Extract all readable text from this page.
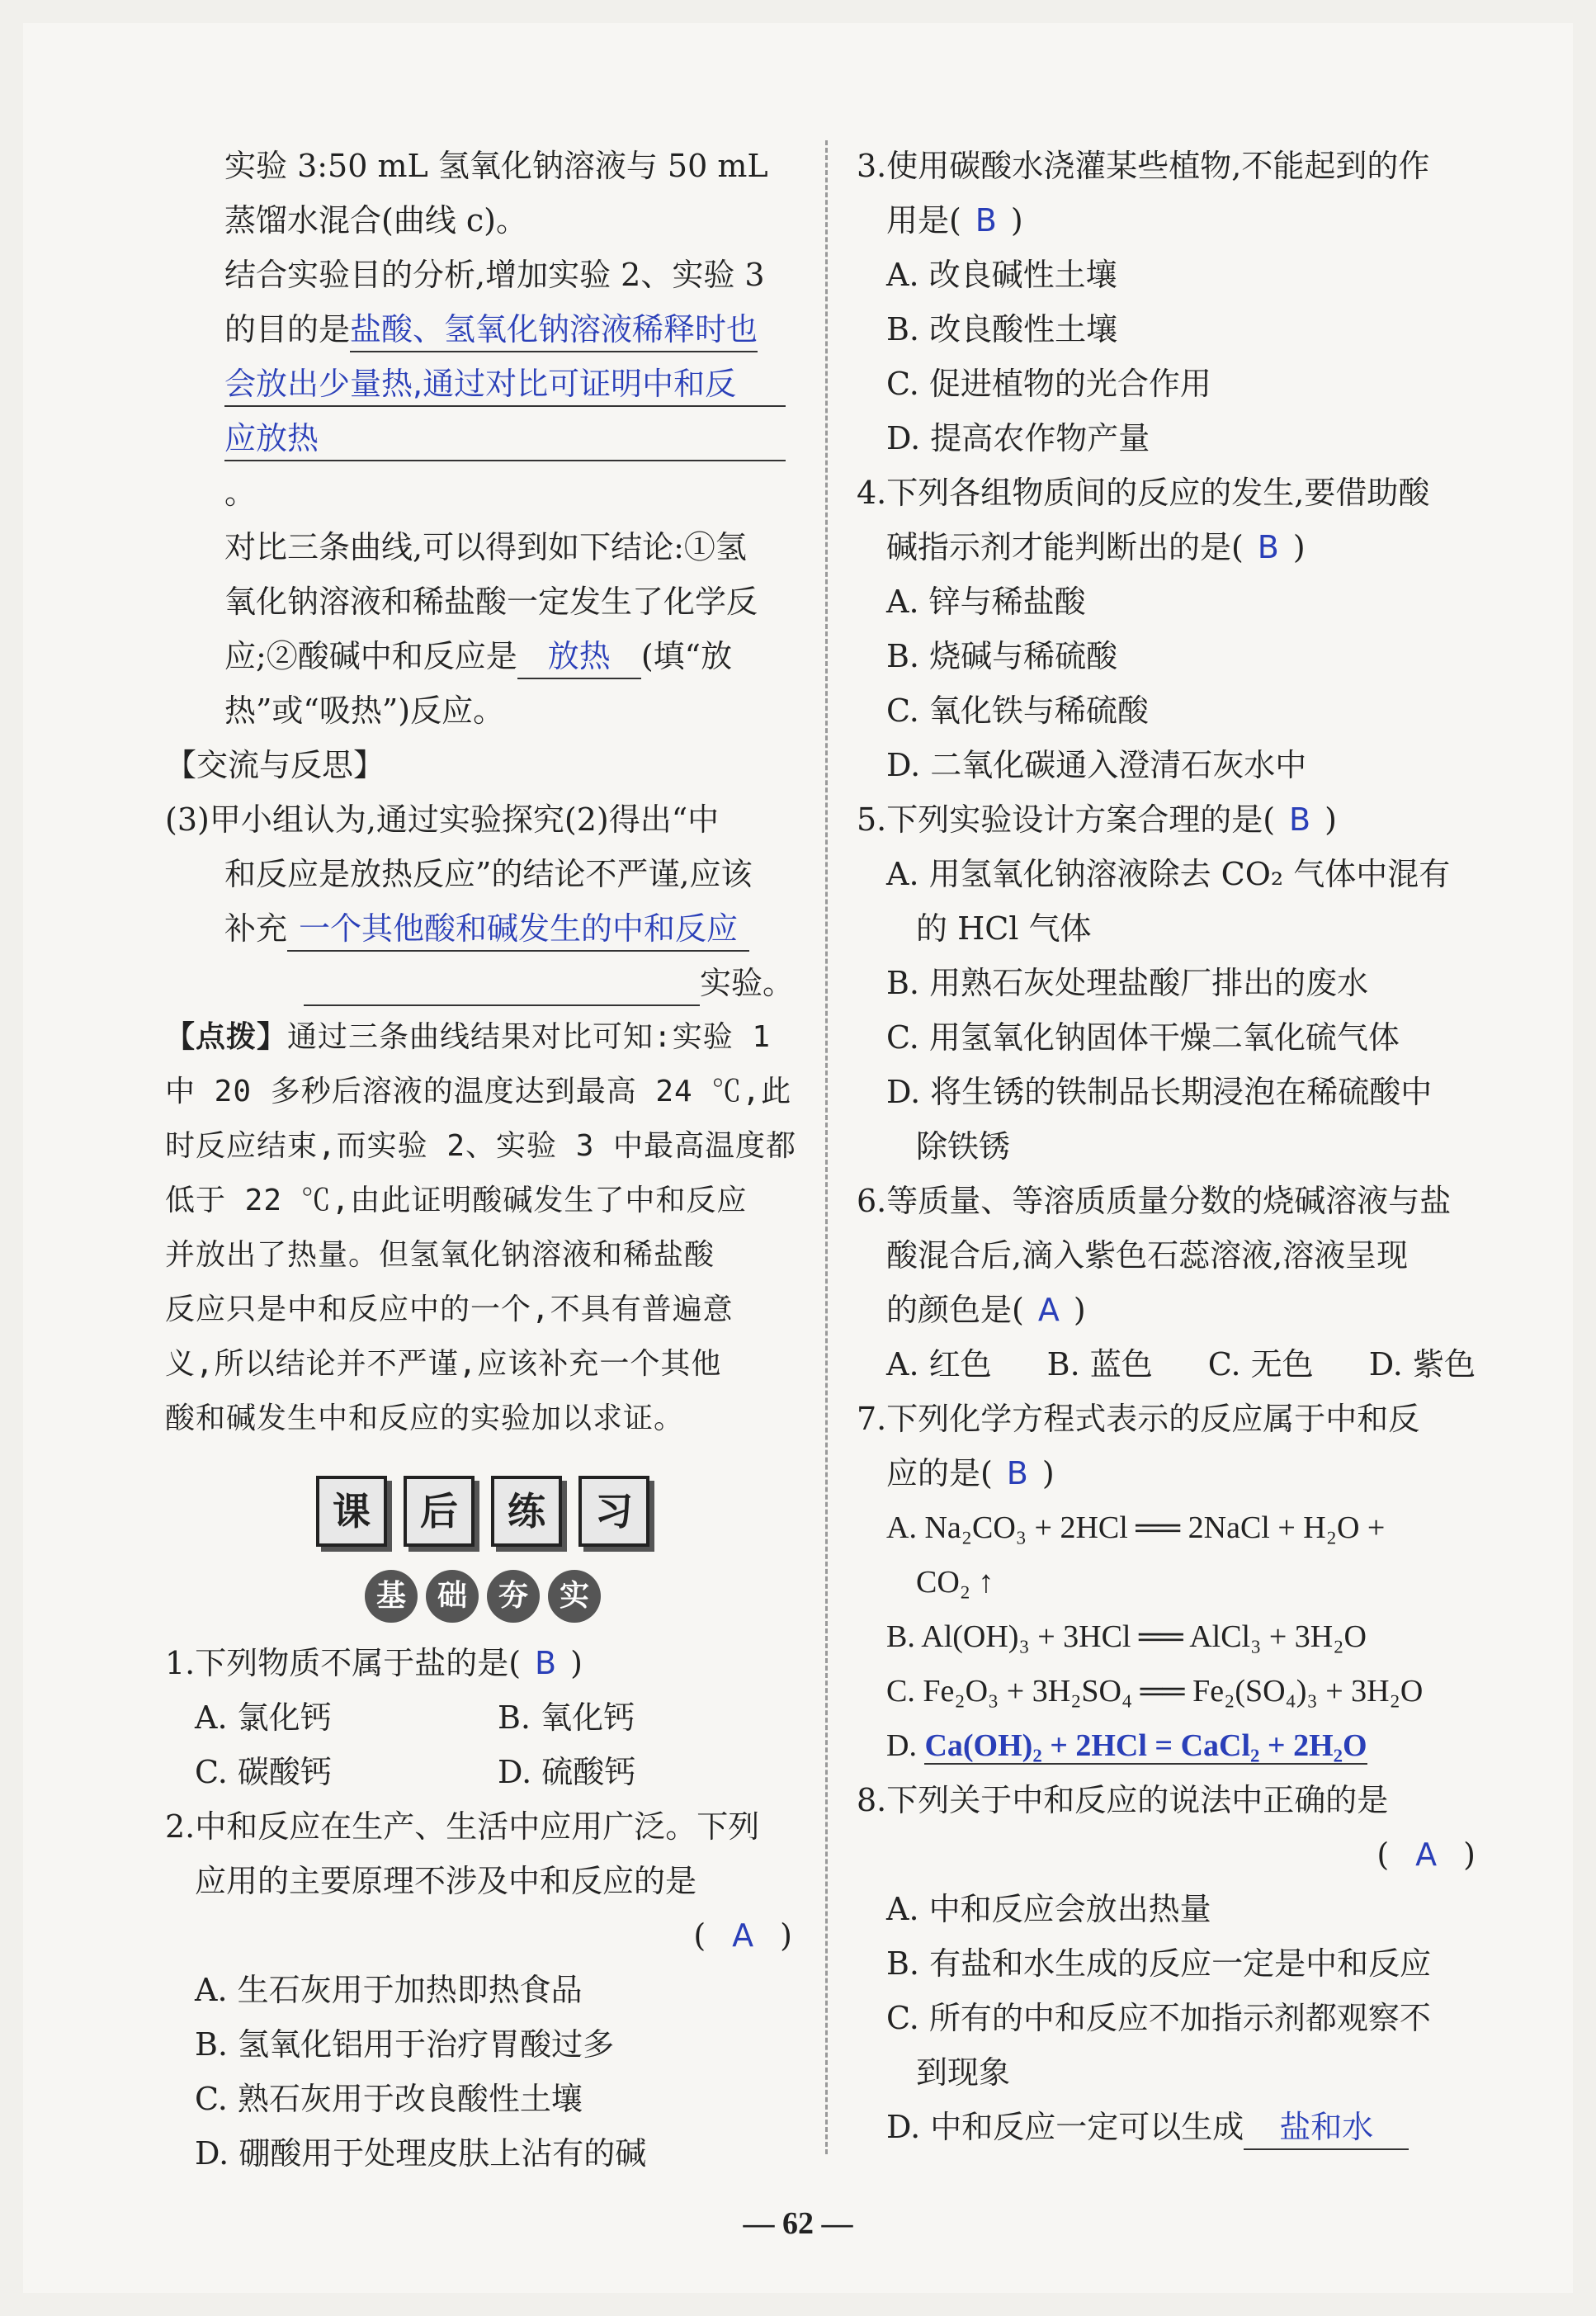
实验 3:50 mL 氢氧化钠溶液与 50 mL

蒸馏水混合(曲线 c)。

结合实验目的分析,增加实验 2、实验 3

的目的是盐酸、氢氧化钠溶液稀释时也

会放出少量热,通过对比可证明中和反

应放热。

对比三条曲线,可以得到如下结论:①氢

氧化钠溶液和稀盐酸一定发生了化学反

应;②酸碱中和反应是 放热 (填“放

热”或“吸热”)反应。

【交流与反思】

(3)甲小组认为,通过实验探究(2)得出“中

和反应是放热反应”的结论不严谨,应该

补充 一个其他酸和碱发生的中和反应

实验。

【点拨】通过三条曲线结果对比可知:实验 1

中 20 多秒后溶液的温度达到最高 24 ℃,此

时反应结束,而实验 2、实验 3 中最高温度都

低于 22 ℃,由此证明酸碱发生了中和反应

并放出了热量。但氢氧化钠溶液和稀盐酸

反应只是中和反应中的一个,不具有普遍意

义,所以结论并不严谨,应该补充一个其他

酸和碱发生中和反应的实验加以求证。

课	后	练	习
基	础	夯	实

1.下列物质不属于盐的是( B )

A. 氯化钙	B. 氧化钙
C. 碳酸钙	D. 硫酸钙

2.中和反应在生产、生活中应用广泛。下列

应用的主要原理不涉及中和反应的是

( A )

A. 生石灰用于加热即热食品

B. 氢氧化铝用于治疗胃酸过多

C. 熟石灰用于改良酸性土壤

D. 硼酸用于处理皮肤上沾有的碱

3.使用碳酸水浇灌某些植物,不能起到的作

用是( B )

A. 改良碱性土壤

B. 改良酸性土壤

C. 促进植物的光合作用

D. 提高农作物产量

4.下列各组物质间的反应的发生,要借助酸

碱指示剂才能判断出的是( B )

A. 锌与稀盐酸

B. 烧碱与稀硫酸

C. 氧化铁与稀硫酸

D. 二氧化碳通入澄清石灰水中

5.下列实验设计方案合理的是( B )

A. 用氢氧化钠溶液除去 CO₂ 气体中混有

的 HCl 气体

B. 用熟石灰处理盐酸厂排出的废水

C. 用氢氧化钠固体干燥二氧化硫气体

D. 将生锈的铁制品长期浸泡在稀硫酸中

除铁锈

6.等质量、等溶质质量分数的烧碱溶液与盐

酸混合后,滴入紫色石蕊溶液,溶液呈现

的颜色是( A )

A. 红色 B. 蓝色 C. 无色 D. 紫色

7.下列化学方程式表示的反应属于中和反

应的是( B )

A. Na₂CO₃ + 2HCl ══ 2NaCl + H₂O +

CO₂ ↑

B. Al(OH)₃ + 3HCl ══ AlCl₃ + 3H₂O

C. Fe₂O₃ + 3H₂SO₄ ══ Fe₂(SO₄)₃ + 3H₂O

D. Ca(OH)₂ + 2HCl = CaCl₂ + 2H₂O

8.下列关于中和反应的说法中正确的是

( A )

A. 中和反应会放出热量

B. 有盐和水生成的反应一定是中和反应

C. 所有的中和反应不加指示剂都观察不

到现象

D. 中和反应一定可以生成 盐和水

— 62 —
